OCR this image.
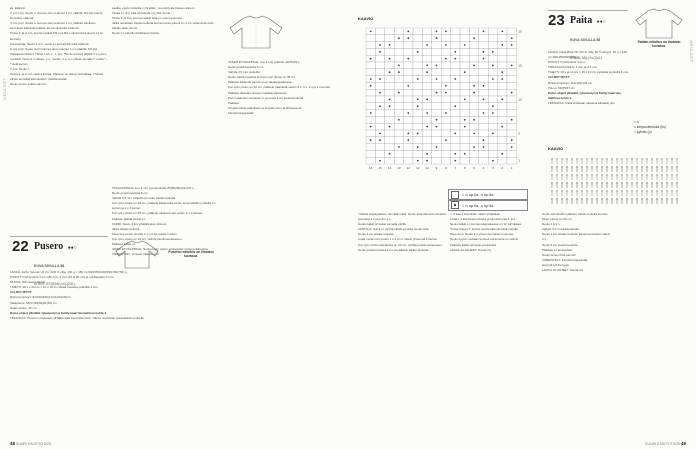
NEULEET

ka, käännä.

3. krs (np): Neulo n. kunnes olet neulonut 1 s:n päähän M1:stä, kierrä silmukka, käännä.

4. krs (op): Neulo n. kunnes olet neulonut 1 s:n päähän edellisen kerroksen kääntökohdasta, kierrä silmukka, käännä.

Toista 3. ja 4. krs, kunnes kaikki M2:n ja M3:n silmukoista olevat s:t on kierretty.

Kantapohja: Neulo 1 rs:n, neulo s:t kierretyiltä s:ltä, käännä.

2. krs (op): Neulo nurin kunnes olet neulonut 1 s:n päähän M1:stä.

Kärkikavennukset: Neulo 1 krs n. 1. krs: *Neulo kunnes jäljellä 3 s ennen merkkiä, neulo 2 o yhteen, 1 o, merkki, 1 o, 2 o yhteen kiertäen*, toista *–* vielä kerran.

2. krs: Neulo n.

Toista 1. ja 2. krs vielä 4 kertaa. Kärkeen on jäänyt silmukkaa. Yhdistä kärjen silmukat silmukoiden yhdistämisellä.

Neulo toinen sukka samoin.

saalka, neulo rosteitta s yht kiilan reunoihin kierroksen alkuun.

Tasaa s:t niin, että silmukoita on yhtä monta.

Toista 3.-5. krs, kunnes kaikki kiila-s:t ovat loppuneet.

Jalka neulotaan sileää neuletta kunnes terän pituus on 4 cm vähemmän kuin haluttu jalan pituus.

Neulo s:t pakoille kärkikavennuksia.

TAKAKAPPALE: Luo 4 mm pyöröpuikolle 85(89)95(101)107 s.

Neulo joustinneuletta 6 cm.

Vaihda 4,5 mm puikoille ja neulo sileää neuletta.

Kun työn pituus on 38 cm, päättele kädenteitä varten kummaltakin puolelta 3 s kerran ja 1 s 2 kerran.

Kun työn pituus on 58 cm, päättele olkasaumoja varten 6 s 3 kertaa.

Päättele jäljellä olevat s:t.

VARRI: Neulo 4 krs ylhäältä alas viistoon.

Jatka sileää neuletta.

Kavenna varren sivuilta 1 s:n 6 kierroksen välein.

Kun työn pituus on 16 cm, vaihda joustinneuleeseen.

Päättele kaikki s:t.

OIKEA ETUKAPPALE: Neulo kuten vasen etukappale mutta peilikuvana.

VIIMEISTELY: Ompele olkasaumat.

VASEN ETUKAPPALE: Luo 4 mm puikolle 43(45)49 s.

Neulo joustinneuletta 6 cm.

Vaihda 4,5 mm puikoille.

Neulo sileää neuletta kunnes työn pituus on 38 cm.

Päättele kädentie samoin kuin takakappaleessa.

Kun työn pituus on 52 cm, päättele pääntietä varten 5 s, 3 s, 2 s ja 1 s kerran.

Päättele olkasauma kuten takakappaleessa.

Poimi pääntien reunasta s:t ja neulo 3 cm joustinneuletta.

Päättele.

Ompele hihat paikoilleen ja ompele sivu- ja hihasaumat.

Kiinnitä langanpäät.

22 Pusero ●●○
KUVA SIVULLA 56
KOKO: XS(S)M(L)XL(2XL)
Puseron mitoitus on ilmaistu kuvassa.

LANKA: Järbo Svensk Ull 3 tr (100 % villa, 100 g = 180 m) 500(550)600(650)700(750) g.

PUIKOT: Pyöröpuikot 3 mm (80 cm), 4 mm (40 ja 80 cm) ja sukkapuikot 3 mm.

MUUTA: Silmukamerkkejä.

TIHEYS: 18 s x 20 krs = 10 x 10 cm sileää neuletta puikoilla 4 mm.

VALMIIT MITAT:

Rinnanympärys: 92(100)106(112)120(128)cm

Takapituus: 55(57)59(60)61(63) cm

Hihan pituus: 45 cm

Katso ohjeet ylhäältä, lyhennetyt ja lisätty kaarrokemallissa kohta 4

TEKNIIKKA: Puseron neulotaan ylhäältä alas saumattomasti. Yläosa neulotaan edestakaisin puikolla.

48 SUURI KÄSITYÖ 5/25
NEULEET
KAAVIO
16 15 14 13 12 11 10 9	8	7	6	5	4	3	2	1
20
15
10
5
1
= o op:lla, n np:lla
= n op:lla, o np:lla

Yhdistä etukappaleen reunasilmukat: Neulo kappaleessa olevasta reunasta 1 s ja poimi 1 s.

Neulo kaikki silmukat samalla värillä.

VARTALO: Siirrä s:t pyöröpuikolle ja jatka neulomista.

Neulo 4 cm sileää neuletta.

Lisää molemmin puolin 1 s 4 cm:n välein yhteensä 4 kertaa.

Kun työn pituus kainalosta on 32 cm, vaihda joustinneuleeseen.

Neulo joustinneuletta 6 cm ja päättele kaikki silmukat.

n. 3 kaa 4 kerroksen välein yhtäaikaa.

Lisää 1 s kierroksen alussa ja lopussa joka 4. krs.

Neulo kaikki s:t kunnes kappaleessa on 12 silmukkaa.

Toista ohjeen 2. kerros neulomalla silmukat nurjalta.

Kavennus: Neulo 2 o yhteen kerroksen lopussa.

Neulo kuvion mukaan kunnes kuvioneule on valmis.

Päättele kaikki silmukat joustavasti.

LANKA JA OHJEET: Novita Oy

Neulo silmukoiden jälkeen sileää neuletta kunnes hihan pituus on 36 cm.

Neulo 1 krs n.

Vaihda 3 mm sukkapuikoille.

Neulo 1 krs sileää neuletta, kavenna tasaisin välein 2 s.

Neulo 5 cm joustinneuletta.

Päättele s:t joustavasti.

Neulo toinen hiha samoin.

VIIMEISTELY: Kiinnitä langanpäät.

Höyrytä työ kevyesti.

LANKA JA OHJEET: Novita Oy

23 Paita ●●○
KUVA SIVULLA 58
KOKO: M(L)XL(2XL)
Paidan mitoitus on ilmaistu kuvassa.

LANKA: Katia Bliss DK (50 % villa, 50 % akryyli, 50 g = 105 m) 400(450)500(550) g

PUIKOT: Pyöröpuikot 4 mm.

VIRKKUUKOUKKU: 4 mm ja 4,5 mm.

TIHEYS: 19 s ja 11 krs = 10 x 10 cm pylvästä koukulla 4 mm.

VALMIIT MITAT:

Rinnanympärys: 112(120)128 cm

Pituus: 63(65)67 cm

Katso ohjeet ylhäältä, lyhennetyt ja lisätty kaarrokemallissa kohta 4

TEKNIIKKA: Paita virkataan palasina alhaalta ylös.

= o
= kerjuusilmukka (ks)
= pylväs (p)
KAAVIO
SUURI KÄSITYÖ 5/25 49
